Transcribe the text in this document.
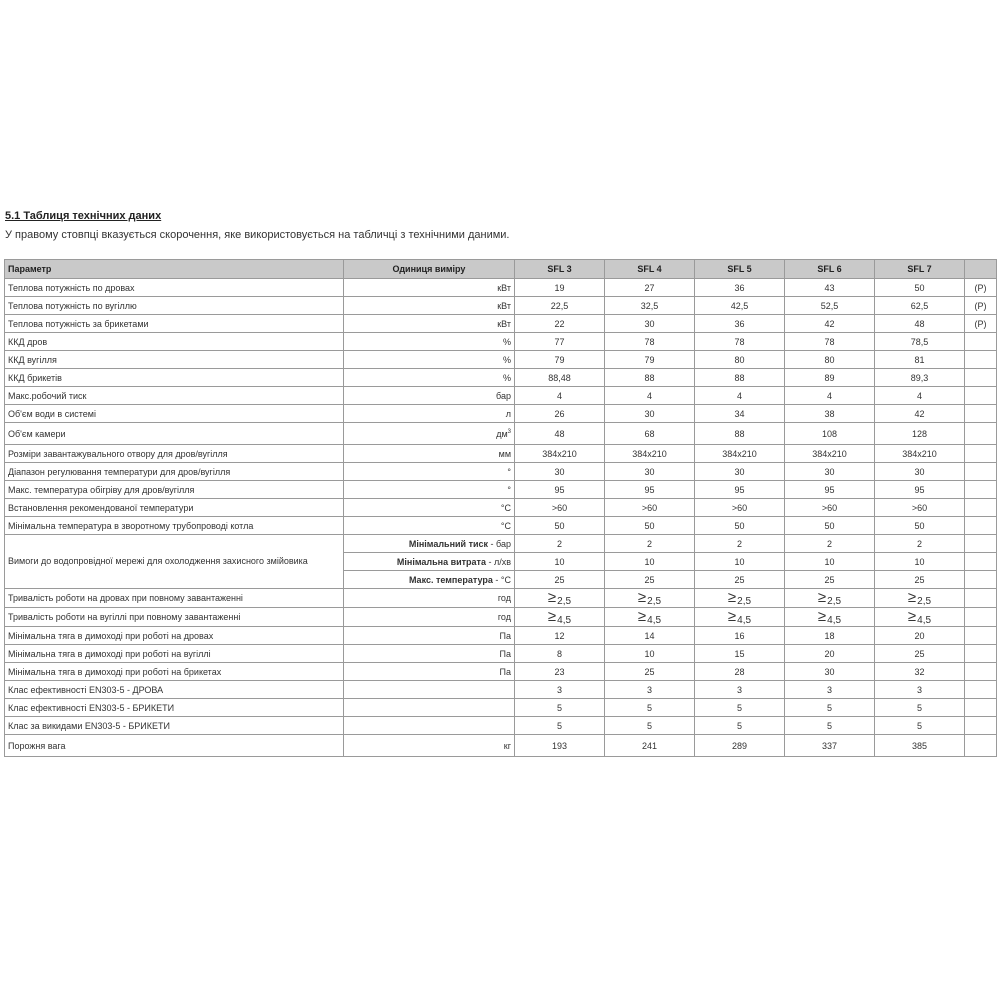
5.1 Таблиця технічних даних
У правому стовпці вказується скорочення, яке використовується на табличці з технічними даними.
Параметр	Одиниця виміру	SFL 3	SFL 4	SFL 5	SFL 6	SFL 7	
Теплова потужність по дровах	кВт	19	27	36	43	50	(P)
Теплова потужність по вугіллю	кВт	22,5	32,5	42,5	52,5	62,5	(P)
Теплова потужність за брикетами	кВт	22	30	36	42	48	(P)
ККД дров	%	77	78	78	78	78,5	
ККД вугілля	%	79	79	80	80	81	
ККД брикетів	%	88,48	88	88	89	89,3	
Макс.робочий тиск	бар	4	4	4	4	4	
Об'єм води в системі	л	26	30	34	38	42	
Об'єм камери	$дм^3$	48	68	88	108	128	
Розміри завантажувального отвору для дров/вугілля	мм	384x210	384x210	384x210	384x210	384x210	
Діапазон регулювання температури для дров/вугілля	°	30	30	30	30	30	
Макс. температура обігріву для дров/вугілля	°	95	95	95	95	95	
Встановлення рекомендованої температури	°C	>60	>60	>60	>60	>60	
Мінімальна температура в зворотному трубопроводі котла	°C	50	50	50	50	50	
Вимоги до водопровідної мережі для охолодження захисного змійовика	Мінімальний тиск - бар	2	2	2	2	2	
	Мінімальна витрата - л/хв	10	10	10	10	10	
	Макс. температура - °C	25	25	25	25	25	
Тривалість роботи на дровах при повному завантаженні	год	≥2,5	≥2,5	≥2,5	≥2,5	≥2,5	
Тривалість роботи на вугіллі при повному завантаженні	год	≥4,5	≥4,5	≥4,5	≥4,5	≥4,5	
Мінімальна тяга в димоході при роботі на дровах	Па	12	14	16	18	20	
Мінімальна тяга в димоході при роботі на вугіллі	Па	8	10	15	20	25	
Мінімальна тяга в димоході при роботі на брикетах	Па	23	25	28	30	32	
Клас ефективності EN303-5 - ДРОВА		3	3	3	3	3	
Клас ефективності EN303-5 - БРИКЕТИ		5	5	5	5	5	
Клас за викидами EN303-5 - БРИКЕТИ		5	5	5	5	5	
Порожня вага	кг	193	241	289	337	385	
